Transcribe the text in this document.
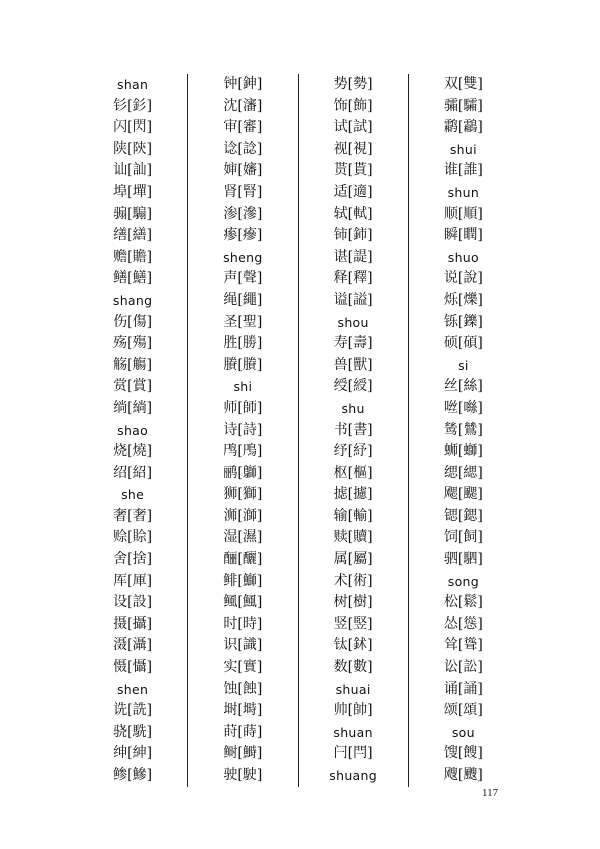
shan
钐[釤]
闪[閃]
陕[陝]
讪[訕]
埠[墠]
骟[騸]
缮[繕]
赡[贍]
鳝[鱔]
shang
伤[傷]
殇[殤]
觞[觴]
赏[賞]
绱[緔]
shao
烧[燒]
绍[紹]
she
奢[奢]
赊[賒]
舍[捨]
厍[厙]
设[設]
摄[攝]
滠[灄]
慑[懾]
shen
诜[詵]
骁[駪]
绅[紳]
鲹[鰺]
钟[鉮]
沈[瀋]
审[審]
谂[諗]
婶[嬸]
肾[腎]
渗[滲]
瘆[瘮]
sheng
声[聲]
绳[繩]
圣[聖]
胜[勝]
賸[賸]
shi
师[師]
诗[詩]
鸤[鳲]
鹂[鶳]
狮[獅]
浉[溮]
湿[濕]
酾[釃]
鲱[鰤]
鲺[鯴]
时[時]
识[識]
实[實]
蚀[蝕]
埘[塒]
莳[蒔]
鲥[鰣]
驶[駛]
势[勢]
饰[飾]
试[試]
视[視]
贳[貰]
适[適]
轼[軾]
铈[鈰]
谌[諟]
释[釋]
谥[謚]
shou
寿[壽]
兽[獸]
绶[綬]
shu
书[書]
纾[紓]
枢[樞]
摅[攄]
输[輸]
赎[贖]
属[屬]
术[術]
树[樹]
竖[竪]
钛[鉥]
数[數]
shuai
帅[帥]
shuan
闩[閂]
shuang
双[雙]
骦[驦]
鹴[鸘]
shui
谁[誰]
shun
顺[順]
瞬[瞤]
shuo
说[說]
烁[爍]
铄[鑠]
硕[碩]
si
丝[絲]
咝[噝]
鸶[鷥]
蛳[螄]
缌[緦]
飔[颸]
锶[鍶]
饲[飼]
驷[駟]
song
松[鬆]
怂[慫]
耸[聳]
讼[訟]
诵[誦]
颂[頌]
sou
馊[餿]
飕[颼]
117
